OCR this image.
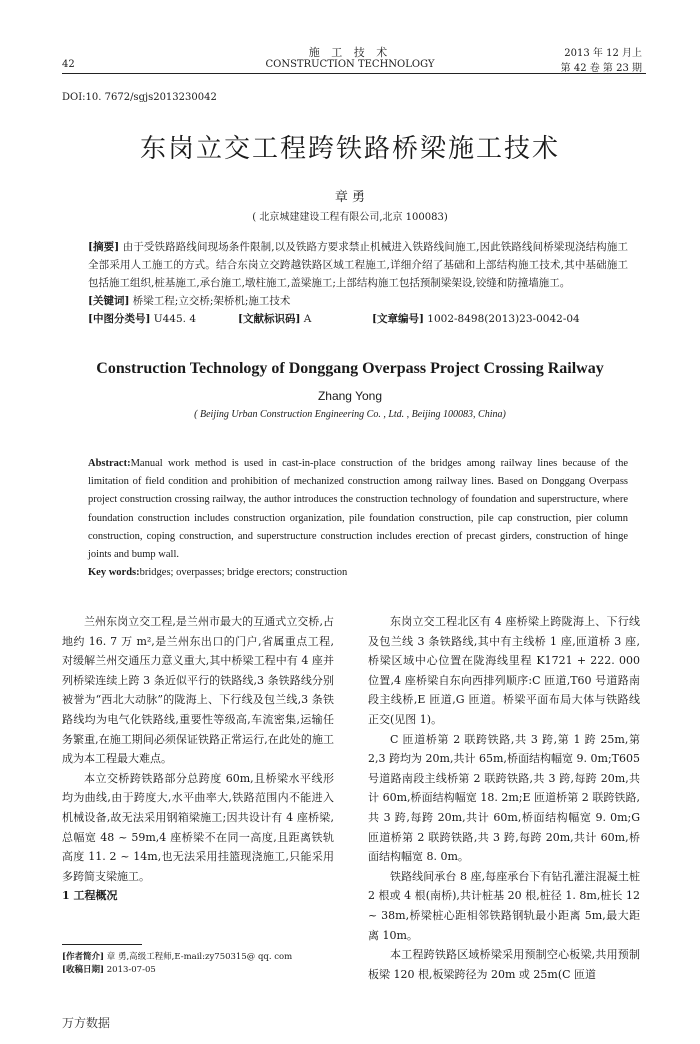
42
施 工 技 术
CONSTRUCTION TECHNOLOGY
2013 年 12 月上
第 42 卷 第 23 期
DOI:10. 7672/sgjs2013230042
东岗立交工程跨铁路桥梁施工技术
章 勇
( 北京城建建设工程有限公司,北京 100083)

[摘要] 由于受铁路路线间现场条件限制,以及铁路方要求禁止机械进入铁路线间施工,因此铁路线间桥梁现浇结构施工全部采用人工施工的方式。结合东岗立交跨越铁路区域工程施工,详细介绍了基础和上部结构施工技术,其中基础施工包括施工组织,桩基施工,承台施工,墩柱施工,盖梁施工;上部结构施工包括预制梁架设,铰缝和防撞墙施工。

[关键词] 桥梁工程;立交桥;架桥机;施工技术

[中图分类号] U445. 4	[文献标识码] A	[文章编号] 1002-8498(2013)23-0042-04

Construction Technology of Donggang Overpass Project Crossing Railway
Zhang Yong
( Beijing Urban Construction Engineering Co. , Ltd. , Beijing 100083, China)

Abstract:Manual work method is used in cast-in-place construction of the bridges among railway lines because of the limitation of field condition and prohibition of mechanized construction among railway lines. Based on Donggang Overpass project construction crossing railway, the author introduces the construction technology of foundation and superstructure, where foundation construction includes construction organization, pile foundation construction, pile cap construction, pier column construction, coping construction, and superstructure construction includes erection of precast girders, construction of hinge joints and bump wall.

Key words:bridges; overpasses; bridge erectors; construction

兰州东岗立交工程,是兰州市最大的互通式立交桥,占地约 16. 7 万 m²,是兰州东出口的门户,省属重点工程,对缓解兰州交通压力意义重大,其中桥梁工程中有 4 座并列桥梁连续上跨 3 条近似平行的铁路线,3 条铁路线分别被誉为“西北大动脉”的陇海上、下行线及包兰线,3 条铁路线均为电气化铁路线,重要性等级高,车流密集,运输任务繁重,在施工期间必须保证铁路正常运行,在此处的施工成为本工程最大难点。

本立交桥跨铁路部分总跨度 60m,且桥梁水平线形均为曲线,由于跨度大,水平曲率大,铁路范围内不能进入机械设备,故无法采用钢箱梁施工;因共设计有 4 座桥梁,总幅宽 48 ~ 59m,4 座桥梁不在同一高度,且距离铁轨高度 11. 2 ~ 14m,也无法采用挂篮现浇施工,只能采用多跨简支梁施工。

1 工程概况

[作者简介] 章 勇,高级工程师,E-mail:zy750315@ qq. com

[收稿日期] 2013-07-05

东岗立交工程北区有 4 座桥梁上跨陇海上、下行线及包兰线 3 条铁路线,其中有主线桥 1 座,匝道桥 3 座,桥梁区域中心位置在陇海线里程 K1721 + 222. 000 位置,4 座桥梁自东向西排列顺序:C 匝道,T60 号道路南段主线桥,E 匝道,G 匝道。桥梁平面布局大体与铁路线正交(见图 1)。

C 匝道桥第 2 联跨铁路,共 3 跨,第 1 跨 25m,第 2,3 跨均为 20m,共计 65m,桥面结构幅宽 9. 0m;T605 号道路南段主线桥第 2 联跨铁路,共 3 跨,每跨 20m,共计 60m,桥面结构幅宽 18. 2m;E 匝道桥第 2 联跨铁路,共 3 跨,每跨 20m,共计 60m,桥面结构幅宽 9. 0m;G 匝道桥第 2 联跨铁路,共 3 跨,每跨 20m,共计 60m,桥面结构幅宽 8. 0m。

铁路线间承台 8 座,每座承台下有钻孔灌注混凝土桩 2 根或 4 根(南桥),共计桩基 20 根,桩径 1. 8m,桩长 12 ~ 38m,桥梁桩心距相邻铁路钢轨最小距离 5m,最大距离 10m。

本工程跨铁路区域桥梁采用预制空心板梁,共用预制板梁 120 根,板梁跨径为 20m 或 25m(C 匝道

万方数据
